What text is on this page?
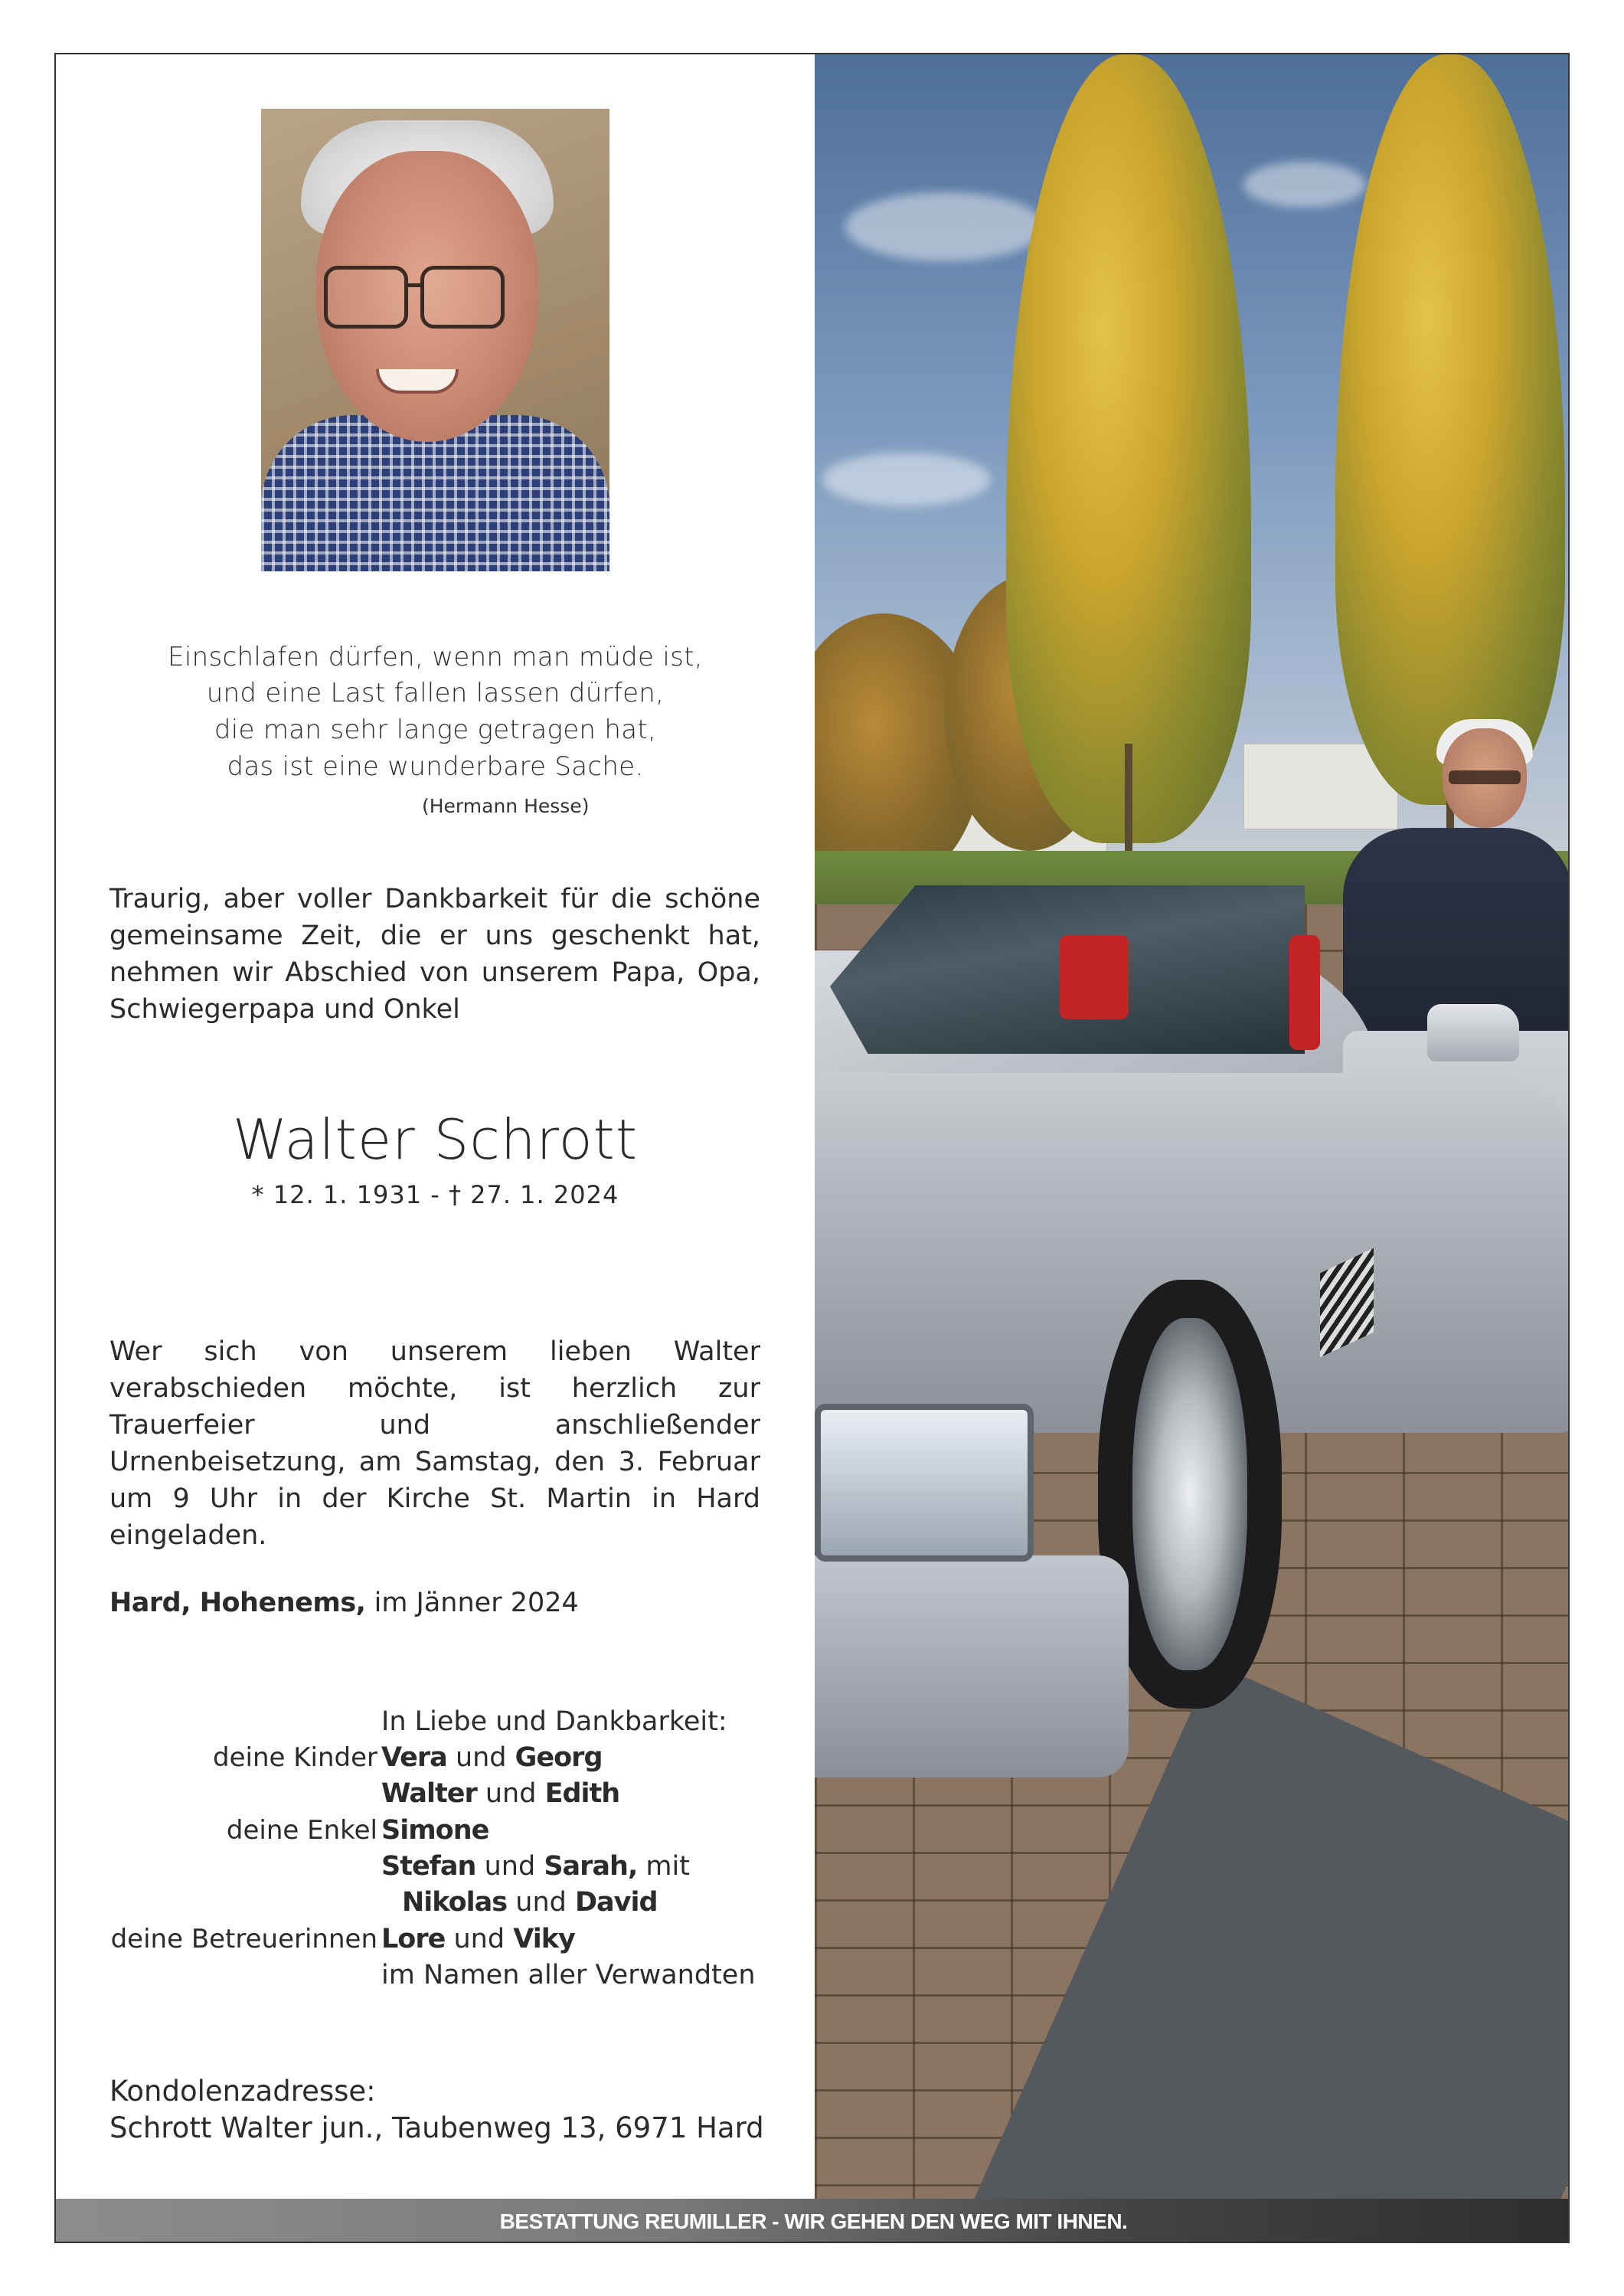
Einschlafen dürfen, wenn man müde ist,
und eine Last fallen lassen dürfen,
die man sehr lange getragen hat,
das ist eine wunderbare Sache.
(Hermann Hesse)
Traurig, aber voller Dankbarkeit für die schöne gemeinsame Zeit, die er uns geschenkt hat, nehmen wir Abschied von unserem Papa, Opa, Schwiegerpapa und Onkel
Walter Schrott
* 12. 1. 1931 - † 27. 1. 2024
Wer sich von unserem lieben Walter verabschieden möchte, ist herzlich zur Trauerfeier und anschließender Urnenbeisetzung, am Samstag, den 3. Februar um 9 Uhr in der Kirche St. Martin in Hard eingeladen.
Hard, Hohenems, im Jänner 2024
In Liebe und Dankbarkeit:
deine Kinder Vera und Georg
Walter und Edith
deine Enkel Simone
Stefan und Sarah, mit
Nikolas und David
deine Betreuerinnen Lore und Viky
im Namen aller Verwandten
Kondolenzadresse:
Schrott Walter jun., Taubenweg 13, 6971 Hard
BESTATTUNG REUMILLER - WIR GEHEN DEN WEG MIT IHNEN.
